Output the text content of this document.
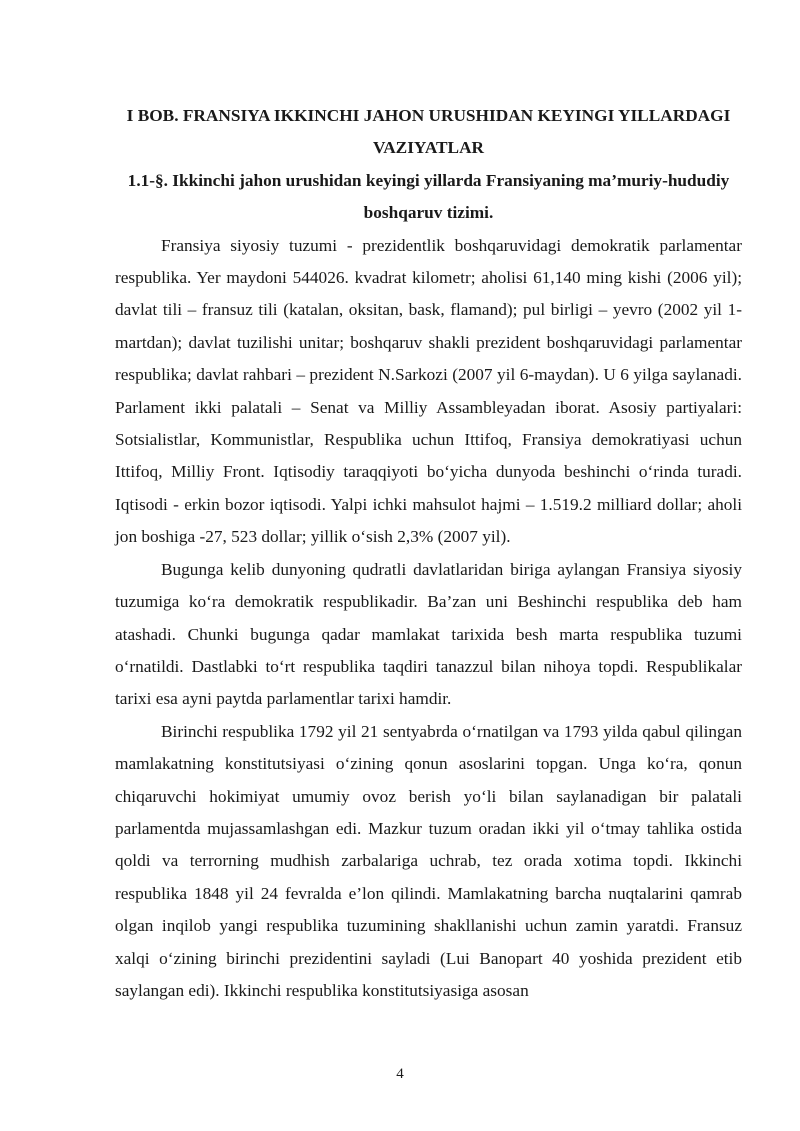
I BOB. FRANSIYA IKKINCHI JAHON URUSHIDAN KEYINGI YILLARDAGI VAZIYATLAR
1.1-§. Ikkinchi jahon urushidan keyingi yillarda Fransiyaning ma’muriy-hududiy boshqaruv tizimi.

Fransiya siyosiy tuzumi - prezidentlik boshqaruvidagi demokratik parlamentar respublika. Yer maydoni 544026. kvadrat kilometr; aholisi 61,140 ming kishi (2006 yil); davlat tili – fransuz tili (katalan, oksitan, bask, flamand); pul birligi – yevro (2002 yil 1-martdan); davlat tuzilishi unitar; boshqaruv shakli prezident boshqaruvidagi parlamentar respublika; davlat rahbari – prezident N.Sarkozi (2007 yil 6-maydan). U 6 yilga saylanadi. Parlament ikki palatali – Senat va Milliy Assambleyadan iborat. Asosiy partiyalari: Sotsialistlar, Kommunistlar, Respublika uchun Ittifoq, Fransiya demokratiyasi uchun Ittifoq, Milliy Front. Iqtisodiy taraqqiyoti bo‘yicha dunyoda beshinchi o‘rinda turadi. Iqtisodi - erkin bozor iqtisodi. Yalpi ichki mahsulot hajmi – 1.519.2 milliard dollar; aholi jon boshiga -27, 523 dollar; yillik o‘sish 2,3% (2007 yil).

Bugunga kelib dunyoning qudratli davlatlaridan biriga aylangan Fransiya siyosiy tuzumiga ko‘ra demokratik respublikadir. Ba’zan uni Beshinchi respublika deb ham atashadi. Chunki bugunga qadar mamlakat tarixida besh marta respublika tuzumi o‘rnatildi. Dastlabki to‘rt respublika taqdiri tanazzul bilan nihoya topdi. Respublikalar tarixi esa ayni paytda parlamentlar tarixi hamdir.

Birinchi respublika 1792 yil 21 sentyabrda o‘rnatilgan va 1793 yilda qabul qilingan mamlakatning konstitutsiyasi o‘zining qonun asoslarini topgan. Unga ko‘ra, qonun chiqaruvchi hokimiyat umumiy ovoz berish yo‘li bilan saylanadigan bir palatali parlamentda mujassamlashgan edi. Mazkur tuzum oradan ikki yil o‘tmay tahlika ostida qoldi va terrorning mudhish zarbalariga uchrab, tez orada xotima topdi. Ikkinchi respublika 1848 yil 24 fevralda e’lon qilindi. Mamlakatning barcha nuqtalarini qamrab olgan inqilob yangi respublika tuzumining shakllanishi uchun zamin yaratdi. Fransuz xalqi o‘zining birinchi prezidentini sayladi (Lui Banopart 40 yoshida prezident etib saylangan edi). Ikkinchi respublika konstitutsiyasiga asosan

4
